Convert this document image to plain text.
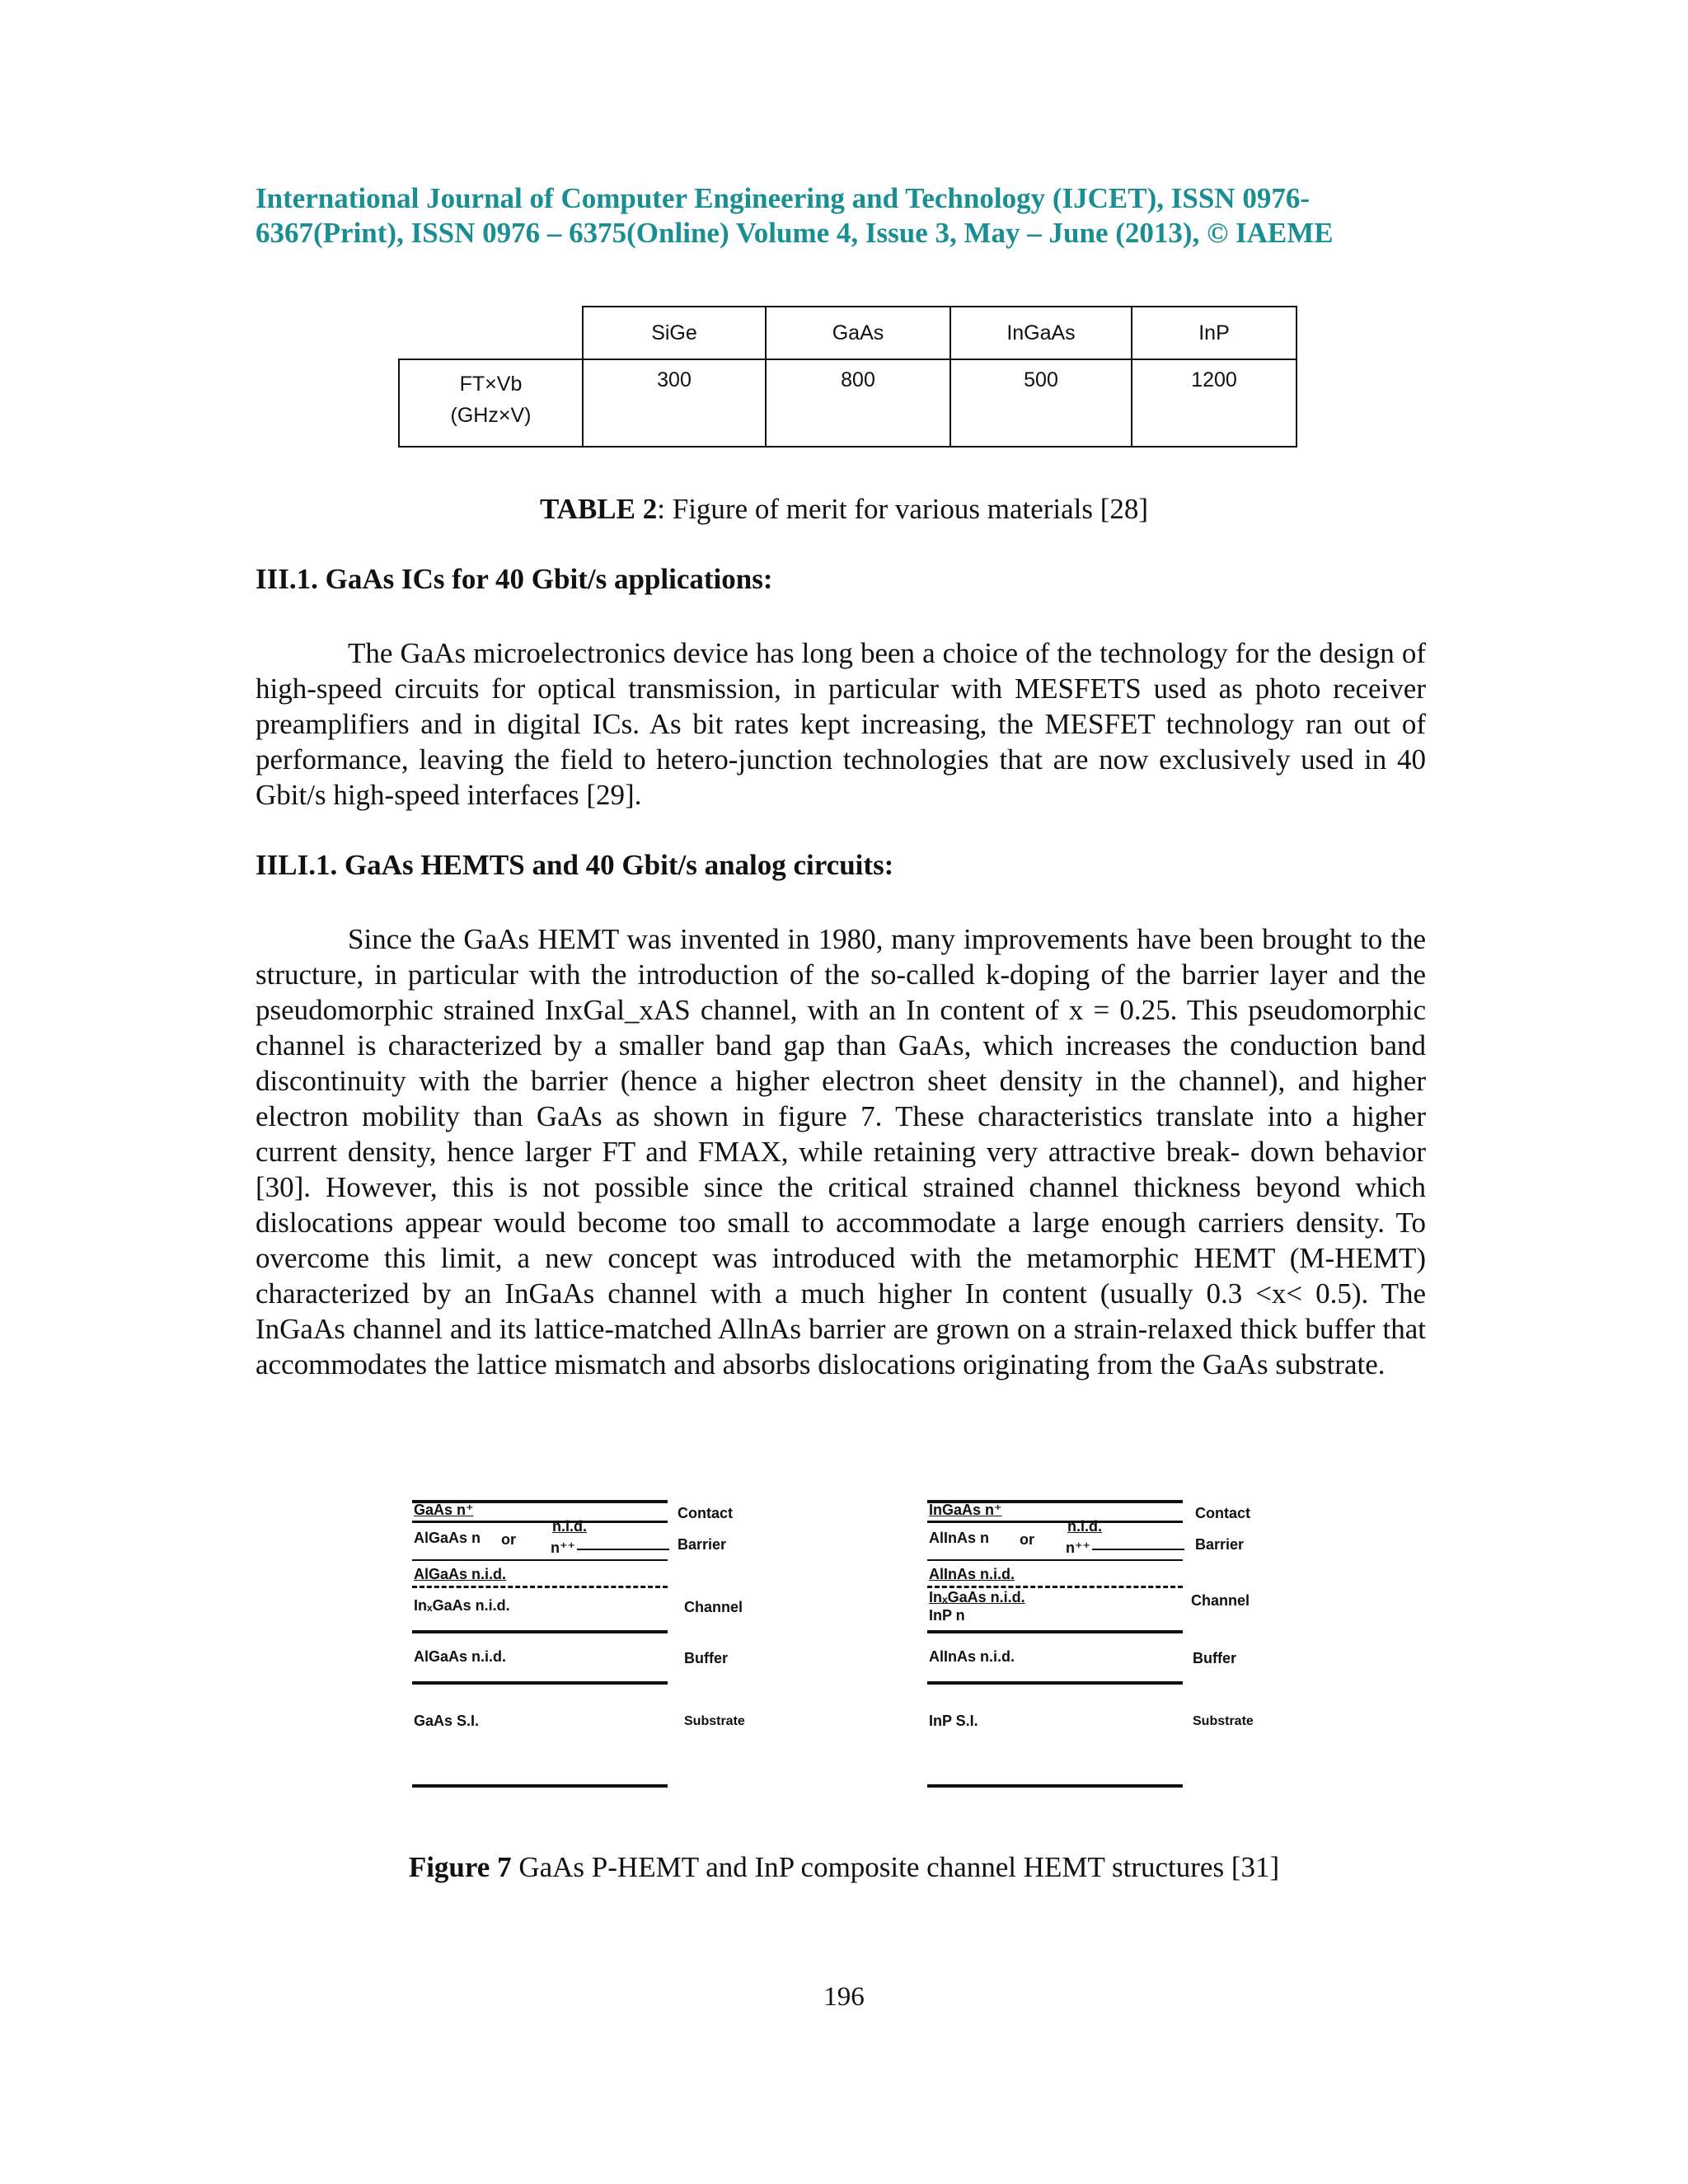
International Journal of Computer Engineering and Technology (IJCET), ISSN 0976-

6367(Print), ISSN 0976 – 6375(Online) Volume 4, Issue 3, May – June (2013), © IAEME

	SiGe	GaAs	InGaAs	InP

FT×Vb
(GHz×V)	300	800	500	1200

TABLE 2: Figure of merit for various materials [28]

III.1. GaAs ICs for 40 Gbit/s applications:

The GaAs microelectronics device has long been a choice of the technology for the design of high-speed circuits for optical transmission, in particular with MESFETS used as photo receiver preamplifiers and in digital ICs. As bit rates kept increasing, the MESFET technology ran out of performance, leaving the field to hetero-junction technologies that are now exclusively used in 40 Gbit/s high-speed interfaces [29].

IILI.1. GaAs HEMTS and 40 Gbit/s analog circuits:

Since the GaAs HEMT was invented in 1980, many improvements have been brought to the structure, in particular with the introduction of the so-called k-doping of the barrier layer and the pseudomorphic strained InxGal_xAS channel, with an In content of x = 0.25. This pseudomorphic channel is characterized by a smaller band gap than GaAs, which increases the conduction band discontinuity with the barrier (hence a higher electron sheet density in the channel), and higher electron mobility than GaAs as shown in figure 7. These characteristics translate into a higher current density, hence larger FT and FMAX, while retaining very attractive break- down behavior [30]. However, this is not possible since the critical strained channel thickness beyond which dislocations appear would become too small to accommodate a large enough carriers density. To overcome this limit, a new concept was introduced with the metamorphic HEMT (M-HEMT) characterized by an InGaAs channel with a much higher In content (usually 0.3 <x< 0.5). The InGaAs channel and its lattice-matched AllnAs barrier are grown on a strain-relaxed thick buffer that accommodates the lattice mismatch and absorbs dislocations originating from the GaAs substrate.

GaAs n⁺	Contact
AlGaAs n or
n.i.d.
n⁺⁺	Barrier
AlGaAs n.i.d.
InₓGaAs n.i.d.	Channel
AlGaAs n.i.d.	Buffer
GaAs S.I.	Substrate
InGaAs n⁺	Contact
AlInAs n or
n.i.d.
n⁺⁺	Barrier
AlInAs n.i.d.
InₓGaAs n.i.d.
InP n
Channel
AlInAs n.i.d.	Buffer
InP S.I.	Substrate

Figure 7 GaAs P-HEMT and InP composite channel HEMT structures [31]

196
